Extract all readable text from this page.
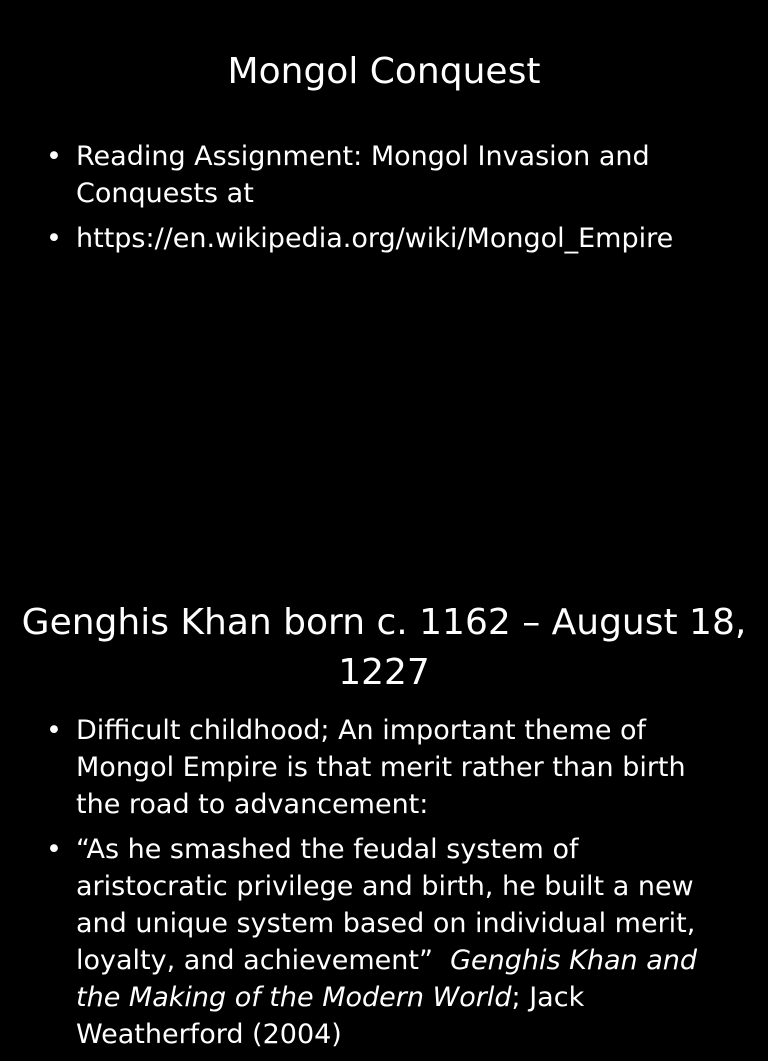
Mongol Conquest
• Reading Assignment: Mongol Invasion and Conquests at
• https://en.wikipedia.org/wiki/Mongol_Empire
Genghis Khan born c. 1162 – August 18, 1227
• Difficult childhood; An important theme of Mongol Empire is that merit rather than birth the road to advancement:
• “As he smashed the feudal system of aristocratic privilege and birth, he built a new and unique system based on individual merit, loyalty, and achievement”  Genghis Khan and the Making of the Modern World; Jack Weatherford (2004)
